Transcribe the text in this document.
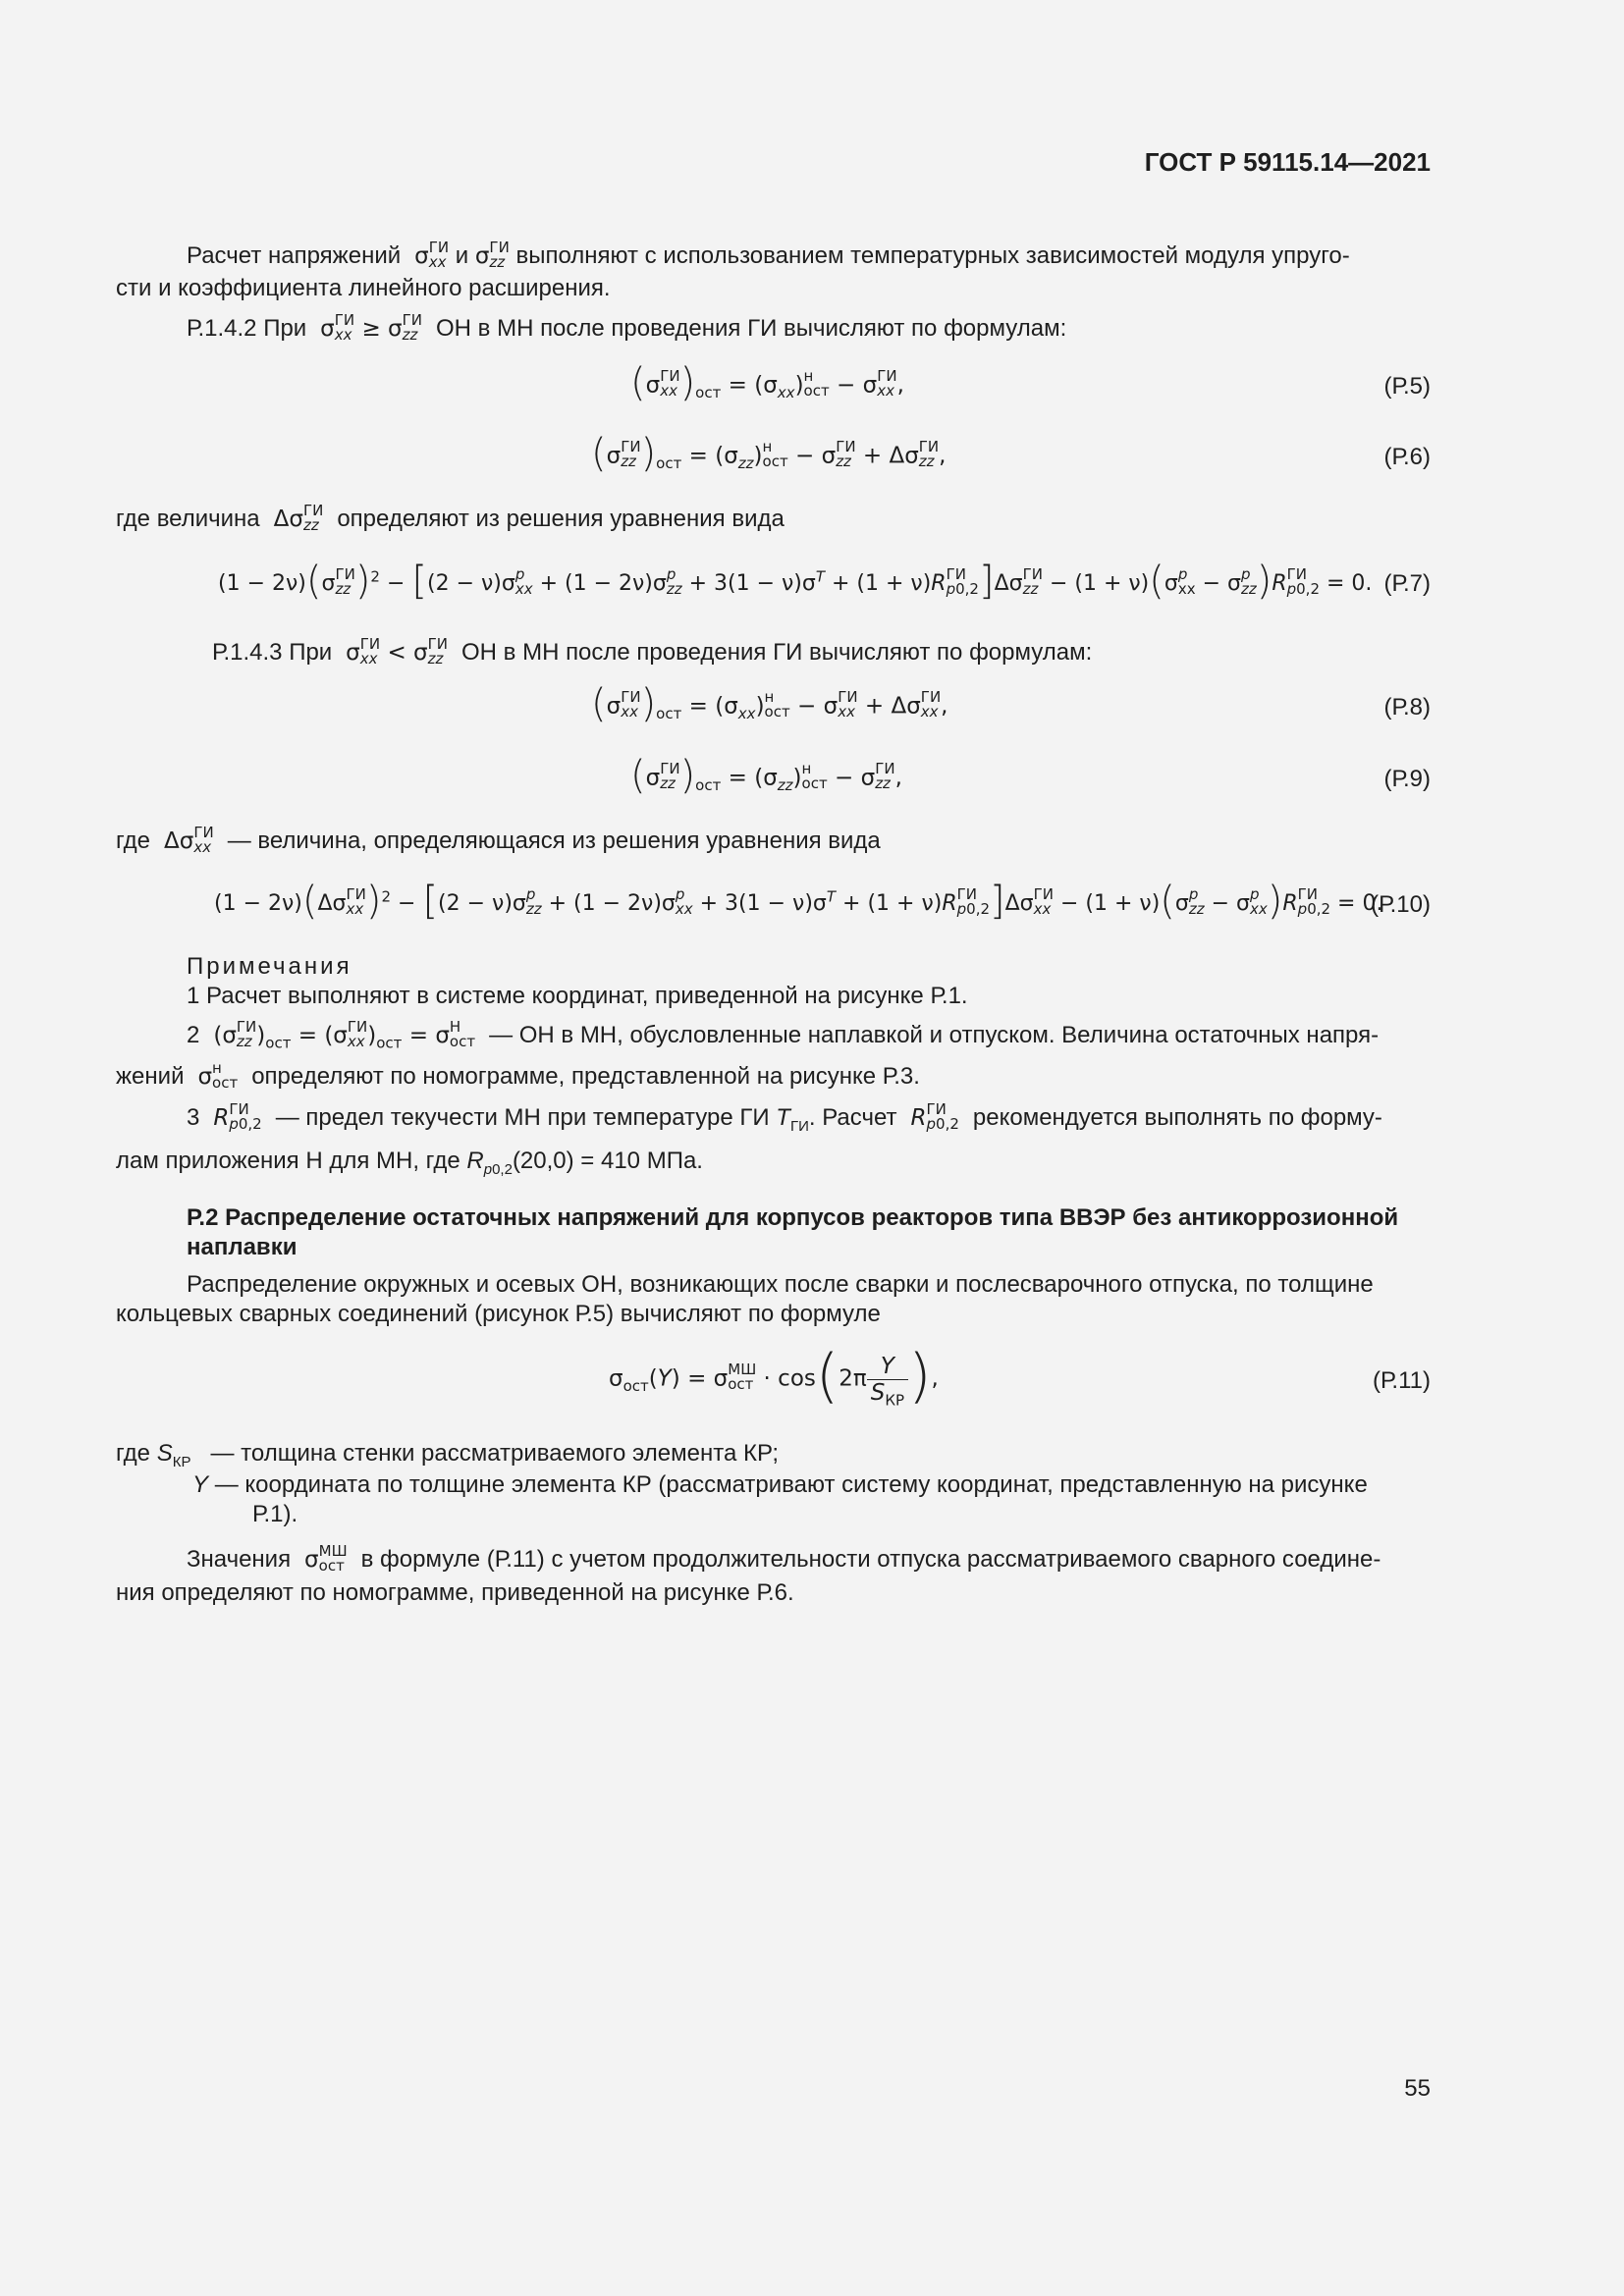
ГОСТ Р 59115.14—2021
Расчет напряжений  σ ГИ
xx и σ ГИ
zz выполняют с использованием температурных зависимостей модуля упруго-
сти и коэффициента линейного расширения.
Р.1.4.2 При  σ ГИ
xx ≥ σ ГИ
zz ОН в МН после проведения ГИ вычисляют по формулам:
(σ ГИ
xx )$_{ост} = (\sigma_{xx})$ н
ост − σ ГИ
xx ,	(Р.5)
(σ ГИ
zz )$_{ост} = (\sigma_{zz})$ н
ост − σ ГИ
zz + Δσ ГИ
zz ,	(Р.6)
где величина  Δσ ГИ
zz определяют из решения уравнения вида
(1 − 2ν)(σ ГИ
zz )$^2$ − [(2 − ν)σ p
xx + (1 − 2ν)σ p
zz + $3(1 - \nu)\sigma^T + (1 + \nu)R$ ГИ
p0,2 ]Δσ ГИ
zz − (1 + ν)(σ p
xx − σ p
zz )R ГИ
p0,2 = 0. (Р.7)
Р.1.4.3 При  σ ГИ
xx < σ ГИ
zz ОН в МН после проведения ГИ вычисляют по формулам:
(σ ГИ
xx )$_{ост} = (\sigma_{xx})$ н
ост − σ ГИ
xx + Δσ ГИ
xx ,	(Р.8)
(σ ГИ
zz )$_{ост} = (\sigma_{zz})$ н
ост − σ ГИ
zz ,	(Р.9)
где  Δσ ГИ
xx — величина, определяющаяся из решения уравнения вида
(1 − 2ν)(Δσ ГИ
xx )$^2$ − [(2 − ν)σ p
zz + (1 − 2ν)σ p
xx + $3(1 - \nu)\sigma^T + (1 + \nu)R$ ГИ
p0,2 ]Δσ ГИ
xx − (1 + ν)(σ p
zz − σ p
xx )R ГИ
p0,2 = 0.
(Р.10)
Примечания
1 Расчет выполняют в системе координат, приведенной на рисунке Р.1.
2  (σ ГИ
zz )$_{ост} = (\sigma$ ГИ
xx )$_{ост} = \sigma$ Н
ост — ОН в МН, обусловленные наплавкой и отпуском. Величина остаточных напря-
жений  σ н
ост определяют по номограмме, представленной на рисунке Р.3.
3 R ГИ
p0,2 — предел текучести МН при температуре ГИ $T_{ГИ}$. Расчет R ГИ
p0,2 рекомендуется выполнять по форму-
лам приложения Н для МН, где $R_{p0,2}(20,0) = 410$ МПа.
Р.2 Распределение остаточных напряжений для корпусов реакторов типа ВВЭР без антикоррозионной
наплавки
Распределение окружных и осевых ОН, возникающих после сварки и послесварочного отпуска, по толщине
кольцевых сварных соединений (рисунок Р.5) вычисляют по формуле
$\sigma_{ост}(Y) = \sigma$ МШ
ост · $\cos(2\pi \frac{Y}{S_{КР}}$ ),	(Р.11)
где $S_{КР}$ — толщина стенки рассматриваемого элемента КР;
Y — координата по толщине элемента КР (рассматривают систему координат, представленную на рисунке
Р.1).
Значения  σ МШ
ост в формуле (Р.11) с учетом продолжительности отпуска рассматриваемого сварного соедине-
ния определяют по номограмме, приведенной на рисунке Р.6.
55
